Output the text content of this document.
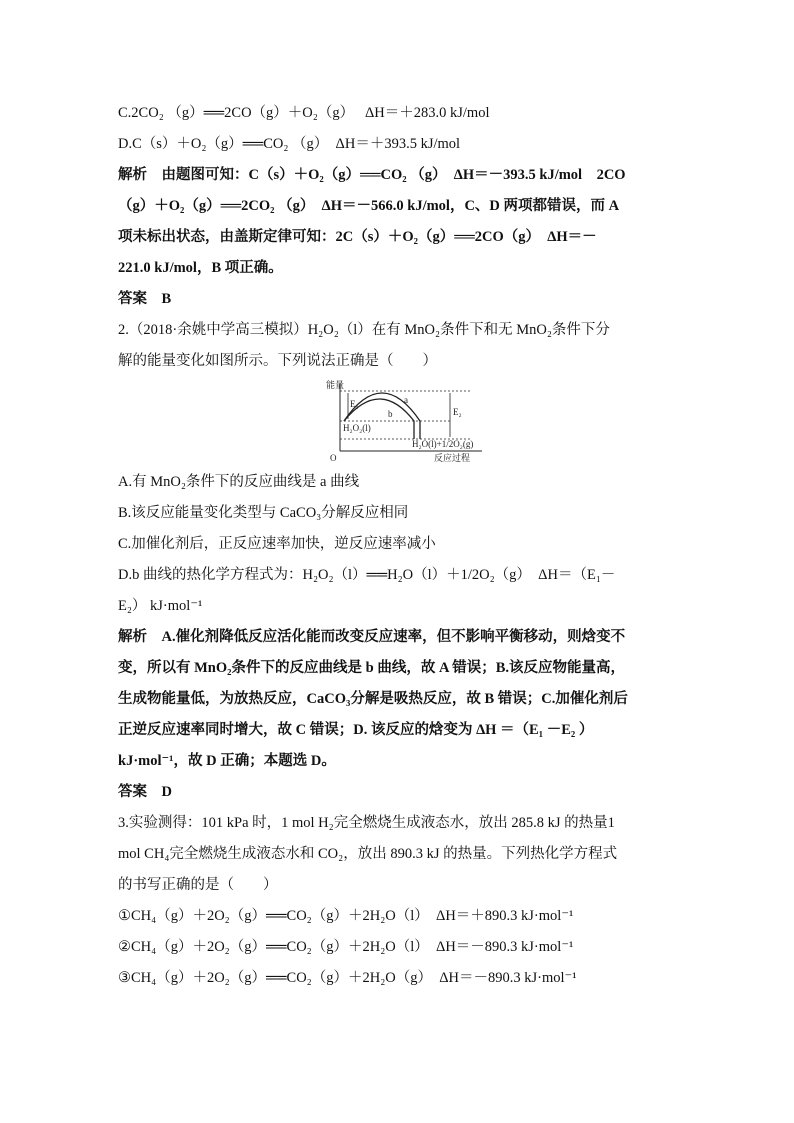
C.2CO₂ （g）══2CO（g）＋O₂（g）　 ΔH＝＋283.0 kJ/mol
D.C（s）＋O₂（g）══CO₂ （g）　ΔH＝＋393.5 kJ/mol
解析　由题图可知：C（s）＋O₂（g）══CO₂ （g）　ΔH＝－393.5 kJ/mol　2CO
（g）＋O₂（g）══2CO₂ （g）　ΔH＝－566.0 kJ/mol，C、D 两项都错误，而 A
项未标出状态，由盖斯定律可知：2C（s）＋O₂（g）══2CO（g）　ΔH＝－
221.0 kJ/mol，B 项正确。
答案　B
2.（2018·余姚中学高三模拟）H₂O₂（l）在有 MnO₂条件下和无 MnO₂条件下分
解的能量变化如图所示。下列说法正确是（　　）
能量
E₁
E₂
a
b
H₂O₂(l)
H₂O(l)+1/2O₂(g)
O	反应过程
A.有 MnO₂条件下的反应曲线是 a 曲线
B.该反应能量变化类型与 CaCO₃分解反应相同
C.加催化剂后，正反应速率加快，逆反应速率减小
D.b 曲线的热化学方程式为：H₂O₂（l）══H₂O（l）＋1/2O₂（g）　ΔH＝（E₁－
E₂） kJ·mol⁻¹
解析　A.催化剂降低反应活化能而改变反应速率，但不影响平衡移动，则焓变不
变，所以有 MnO₂条件下的反应曲线是 b 曲线，故 A 错误；B.该反应物能量高，
生成物能量低，为放热反应，CaCO₃分解是吸热反应，故 B 错误；C.加催化剂后
正逆反应速率同时增大，故 C 错误；D. 该反应的焓变为 ΔH ＝（E₁ －E₂ ）
kJ·mol⁻¹，故 D 正确；本题选 D。
答案　D
3.实验测得：101 kPa 时，1 mol H₂完全燃烧生成液态水，放出 285.8 kJ 的热量1
mol CH₄完全燃烧生成液态水和 CO₂，放出 890.3 kJ 的热量。下列热化学方程式
的书写正确的是（　　）
①CH₄（g）＋2O₂（g）══CO₂（g）＋2H₂O（l）　ΔH＝＋890.3 kJ·mol⁻¹
②CH₄（g）＋2O₂（g）══CO₂（g）＋2H₂O（l）　ΔH＝－890.3 kJ·mol⁻¹
③CH₄（g）＋2O₂（g）══CO₂（g）＋2H₂O（g）　ΔH＝－890.3 kJ·mol⁻¹
